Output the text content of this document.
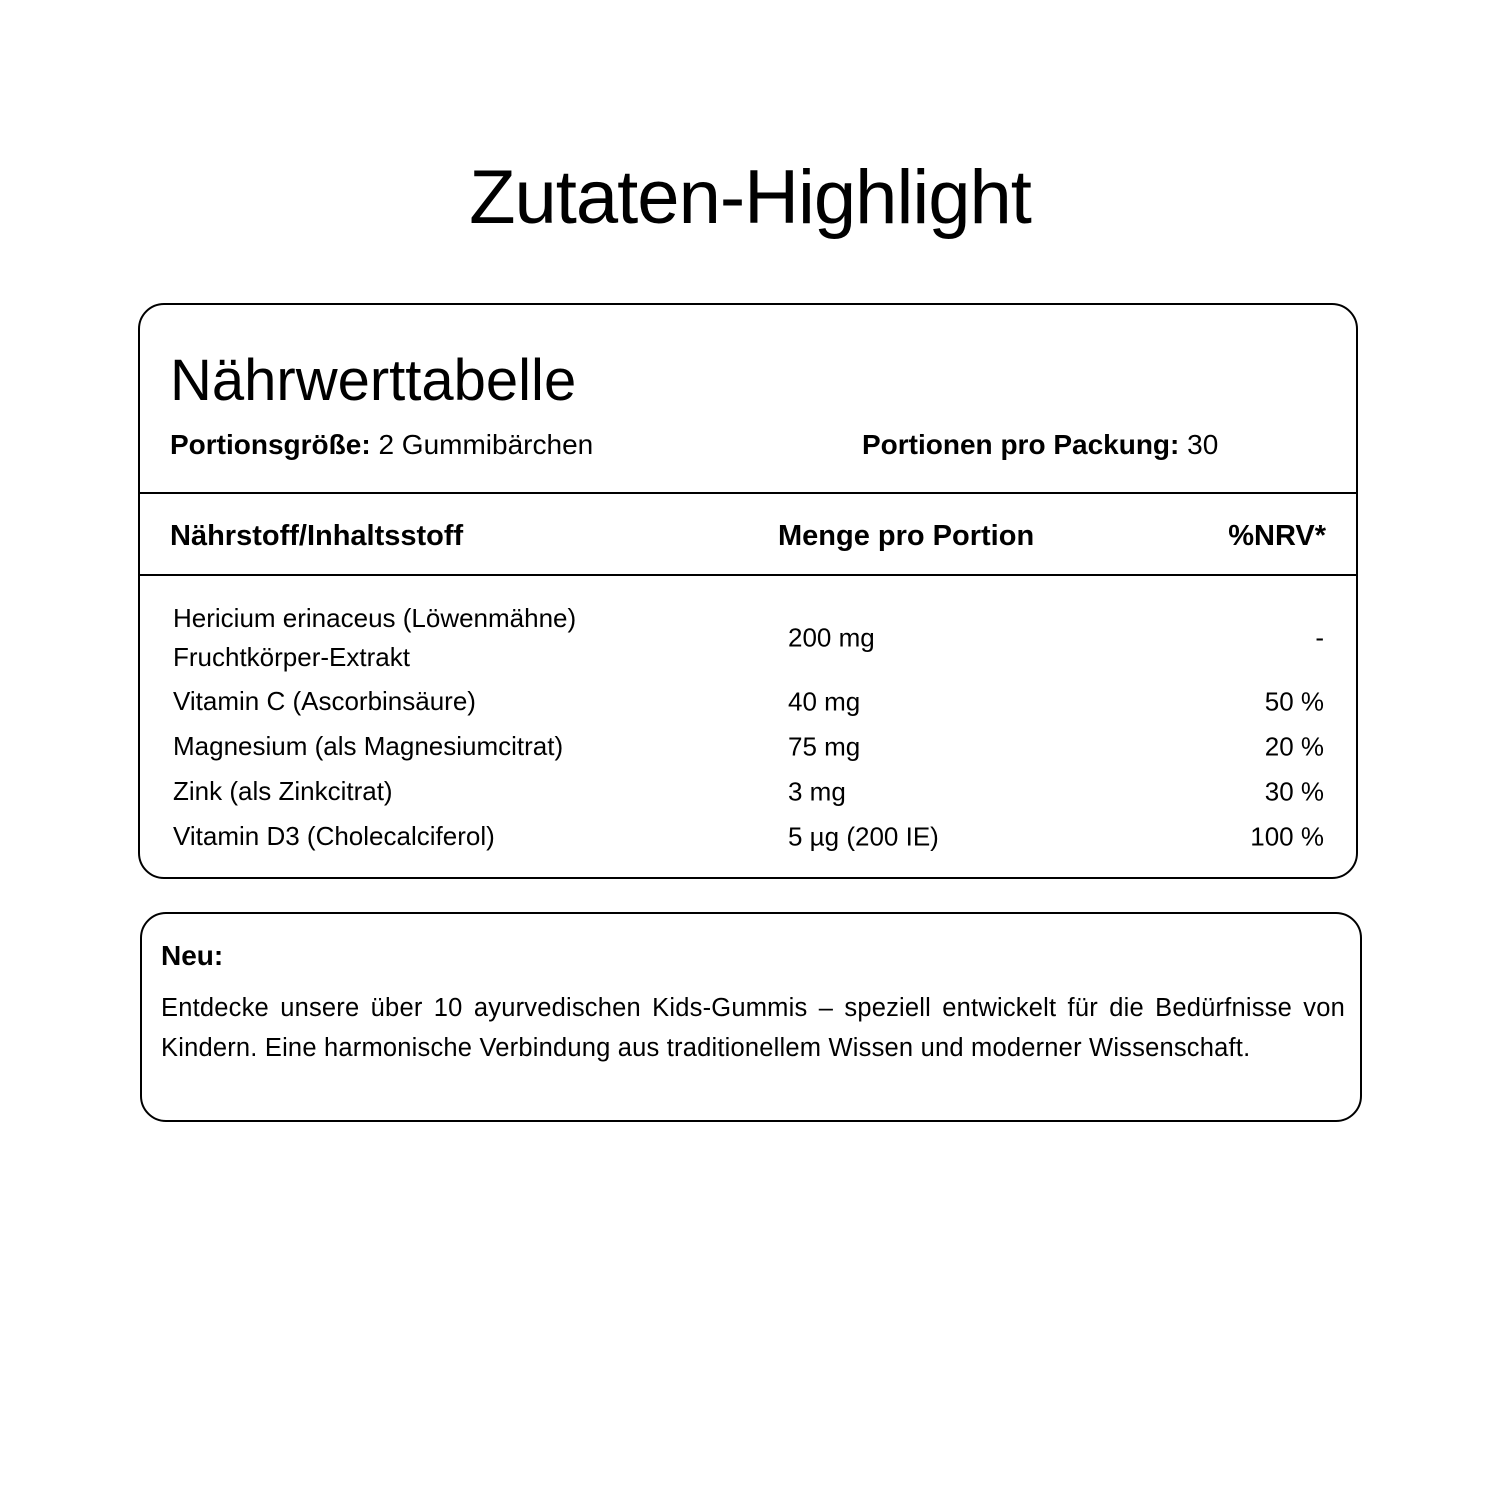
Zutaten-Highlight
Nährwerttabelle
Portionsgröße: 2 Gummibärchen	Portionen pro Packung: 30
Nährstoff/Inhaltsstoff	Menge pro Portion	%NRV*
Hericium erinaceus (Löwenmähne)
Fruchtkörper-Extrakt
200 mg	-
Vitamin C (Ascorbinsäure)	40 mg	50 %
Magnesium (als Magnesiumcitrat)	75 mg	20 %
Zink (als Zinkcitrat)	3 mg	30 %
Vitamin D3 (Cholecalciferol)	5 µg (200 IE)	100 %
Neu:
Entdecke unsere über 10 ayurvedischen Kids-Gummis – speziell entwickelt für die Bedürfnisse von Kindern. Eine harmonische Verbindung aus traditionellem Wissen und moderner Wissenschaft.
